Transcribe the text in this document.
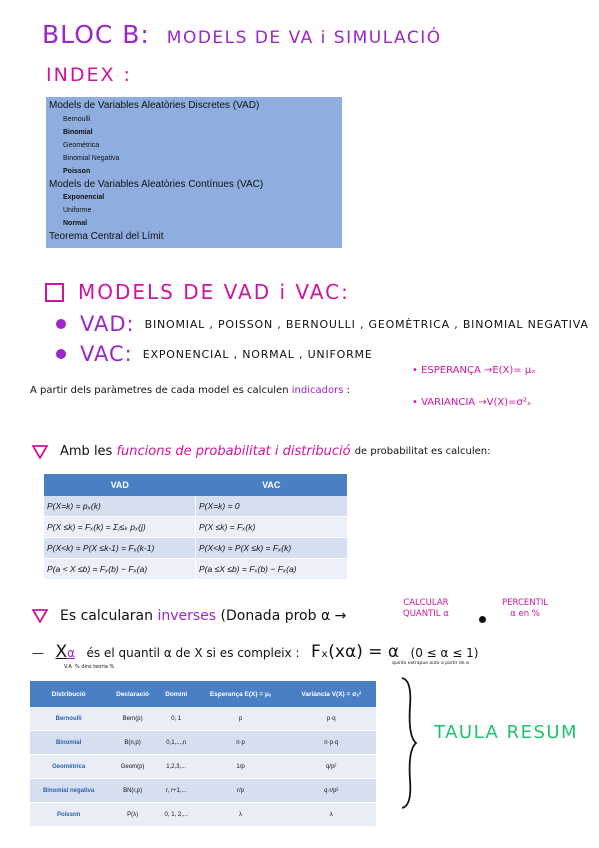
BLOC B: MODELS DE VA i SIMULACIÓ
INDEX :
Models de Variables Aleatòries Discretes (VAD)
Bernoulli
Binomial
Geomètrica
Binomial Negativa
Poisson
Models de Variables Aleatòries Contínues (VAC)
Exponencial
Uniforme
Normal
Teorema Central del Límit
MODELS DE VAD i VAC:
VAD: BINOMIAL , POISSON , BERNOULLI , GEOMÈTRICA , BINOMIAL NEGATIVA
VAC: EXPONENCIAL , NORMAL , UNIFORME
• ESPERANÇA →E(X)= μₓ
A partir dels paràmetres de cada model es calculen indicadors :
• VARIANCIA →V(X)=σ²ₓ
Amb les
funcions de probabilitat i distribució
de probabilitat es calculen:
VAD	VAC
P(X=k) = pₓ(k)	P(X=k) = 0
P(X ≤k) = Fₓ(k) = Σⱼ≤ₖ pₓ(j)	P(X ≤k) = Fₓ(k)
P(X<k) = P(X ≤k-1) = Fₓ(k-1)	P(X<k) = P(X ≤k) = Fₓ(k)
P(a < X ≤b) = Fₓ(b) − Fₓ(a)	P(a ≤X ≤b) = Fₓ(b) − Fₓ(a)
Es calcularan
inverses
(Donada prob α →
CALCULAR
QUANTIL α
PERCENTIL
α en %
— Xα és el quantil α de X si es compleix : Fₓ(xα) = α (0 ≤ α ≤ 1)
V.A % dins teoria %
quinto extrapue auto a partir de α
Distribució	Declaració	Domini	Esperança E(X) = μₓ	Variància V(X) = σₓ²
Bernoulli	Bern(p)	0, 1	p	p·q
Binomial	B(n,p)	0,1,...,n	n·p	n·p·q
Geomètrica	Geom(p)	1,2,3,...	1/p	q/p²
Binomial negativa	BN(r,p)	r, r+1,...	r/p	q·r/p²
Poisson	P(λ)	0, 1, 2,...	λ	λ
TAULA RESUM
